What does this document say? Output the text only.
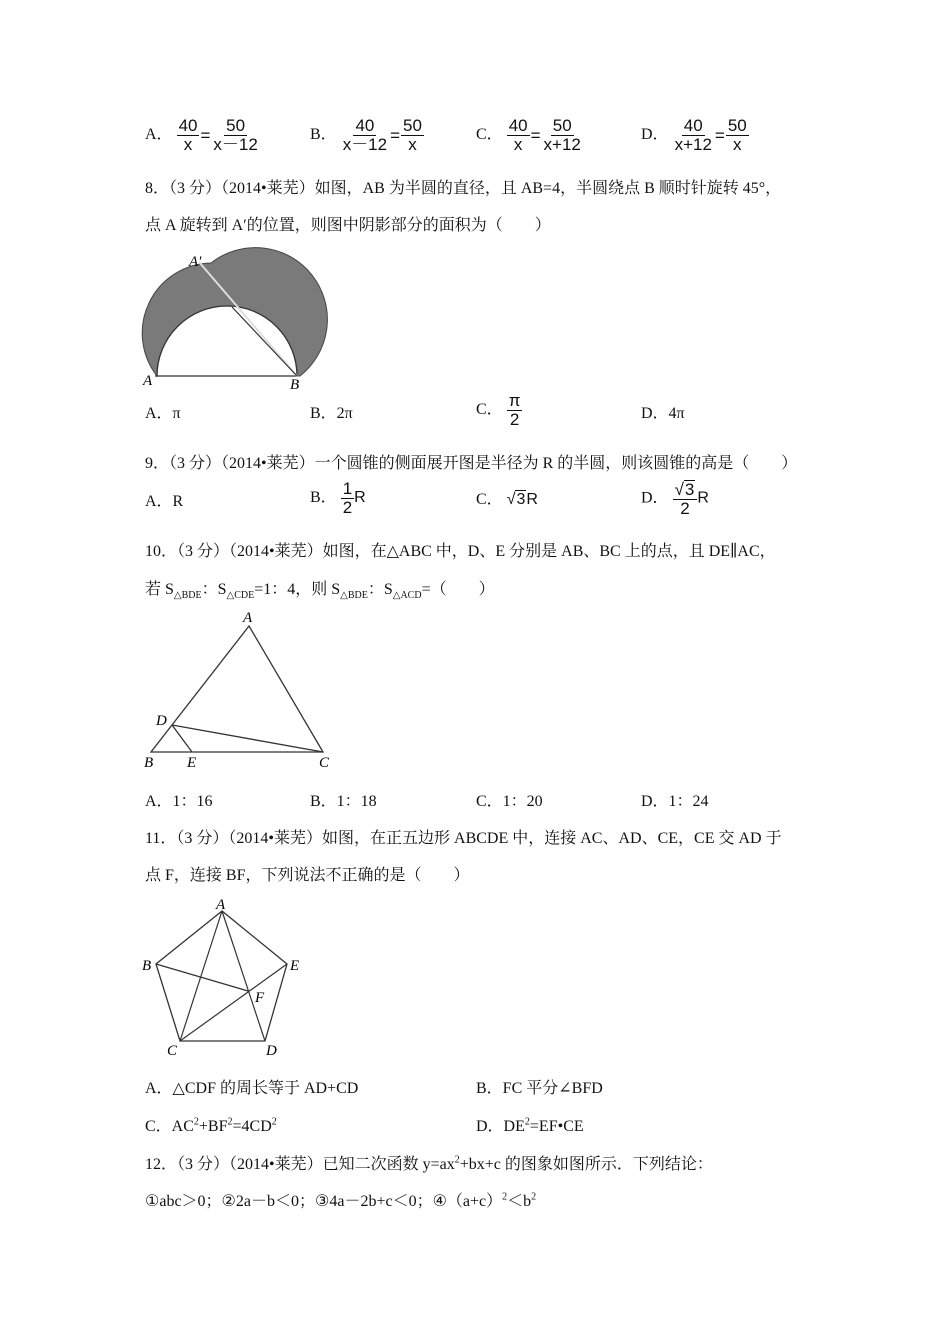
A． $\frac{40}{x} = \frac{50}{x-12}$	B． $\frac{40}{x-12} = \frac{50}{x}$	C． $\frac{40}{x} = \frac{50}{x+12}$	D． $\frac{40}{x+12} = \frac{50}{x}$
8．（3 分）（2014•莱芜）如图，AB 为半圆的直径，且 AB=4，半圆绕点 B 顺时针旋转 45°，
点 A 旋转到 A′的位置，则图中阴影部分的面积为（　　）
A′
A	B
A．π	B．2π	C． $\frac{\pi}{2}$	D．4π
9．（3 分）（2014•莱芜）一个圆锥的侧面展开图是半径为 R 的半圆，则该圆锥的高是（　　）
A．R	B． $\frac{1}{2}$ R	C． √3R	D． $\frac{√3}{2}$ R
10．（3 分）（2014•莱芜）如图，在△ABC 中，D、E 分别是 AB、BC 上的点，且 DE∥AC，
若 $S_{\triangle BDE}$：$S_{\triangle CDE}=1$：4，则 $S_{\triangle BDE}$：$S_{\triangle ACD}=$（　　）
A
D
B E	C
A．1：16	B．1：18	C．1：20	D．1：24
11．（3 分）（2014•莱芜）如图，在正五边形 ABCDE 中，连接 AC、AD、CE，CE 交 AD 于
点 F，连接 BF，下列说法不正确的是（　　）
A
B	E
F
C	D
A．△CDF 的周长等于 AD+CD	B．FC 平分∠BFD
C．$AC^2+BF^2=4CD^2$	D．$DE^2=EF•CE$
12．（3 分）（2014•莱芜）已知二次函数 $y=ax^2+bx+c$ 的图象如图所示．下列结论：
①abc＞0；②2a－b＜0；③4a－2b+c＜0；$④(a+c)^2<b^2$
